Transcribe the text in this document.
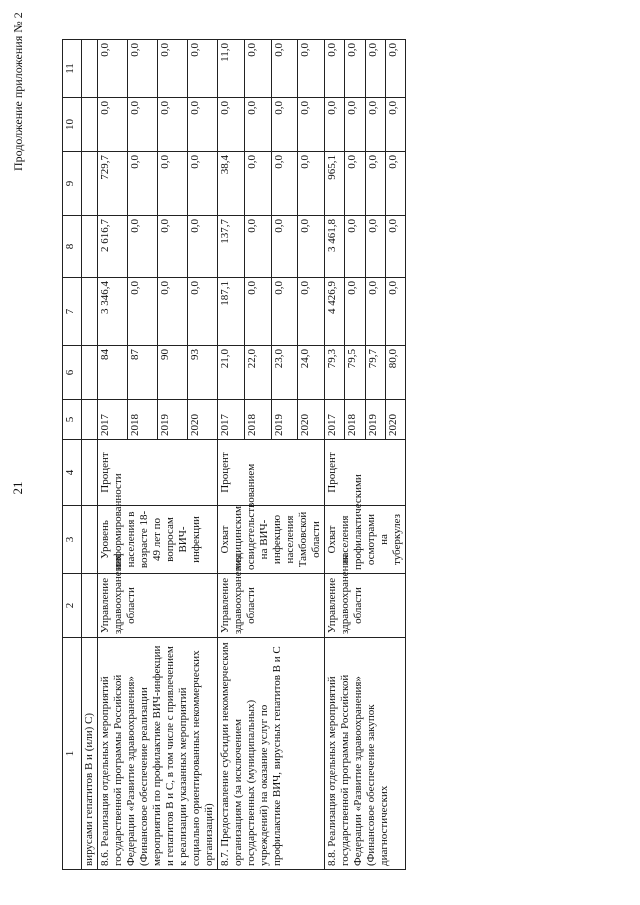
21
Продолжение приложения № 2
1	2	3	4	5	6	7	8	9	10	11
вирусами гепатитов В и (или) С)										
8.6. Реализация отдельных мероприятий государственной программы Российской Федерации «Развитие здравоохранения» (Финансовое обеспечение реализации мероприятий по профилактике ВИЧ-инфекции и гепатитов В и С, в том числе с привлечением к реализации указанных мероприятий социально ориентированных некоммерческих организаций)	Управление здравоохранения области	Уровень информированности населения в возрасте 18-49 лет по вопросам ВИЧ-инфекции	Процент	2017	84	3 346,4	2 616,7	729,7	0,0	0,0
				2018	87	0,0	0,0	0,0	0,0	0,0
				2019	90	0,0	0,0	0,0	0,0	0,0
				2020	93	0,0	0,0	0,0	0,0	0,0
8.7. Предоставление субсидии некоммерческим организациям (за исключением государственных (муниципальных) учреждений) на оказание услуг по профилактике ВИЧ, вирусных гепатитов В и С	Управление здравоохранения области	Охват медицинским освидетельствованием на ВИЧ-инфекцию населения Тамбовской области	Процент	2017	21,0	187,1	137,7	38,4	0,0	11,0
				2018	22,0	0,0	0,0	0,0	0,0	0,0
				2019	23,0	0,0	0,0	0,0	0,0	0,0
				2020	24,0	0,0	0,0	0,0	0,0	0,0
8.8. Реализация отдельных мероприятий государственной программы Российской Федерации «Развитие здравоохранения» (Финансовое обеспечение закупок диагностических	Управление здравоохранения области	Охват населения профилактическими осмотрами на туберкулез	Процент	2017	79,3	4 426,9	3 461,8	965,1	0,0	0,0
				2018	79,5	0,0	0,0	0,0	0,0	0,0
				2019	79,7	0,0	0,0	0,0	0,0	0,0
				2020	80,0	0,0	0,0	0,0	0,0	0,0
